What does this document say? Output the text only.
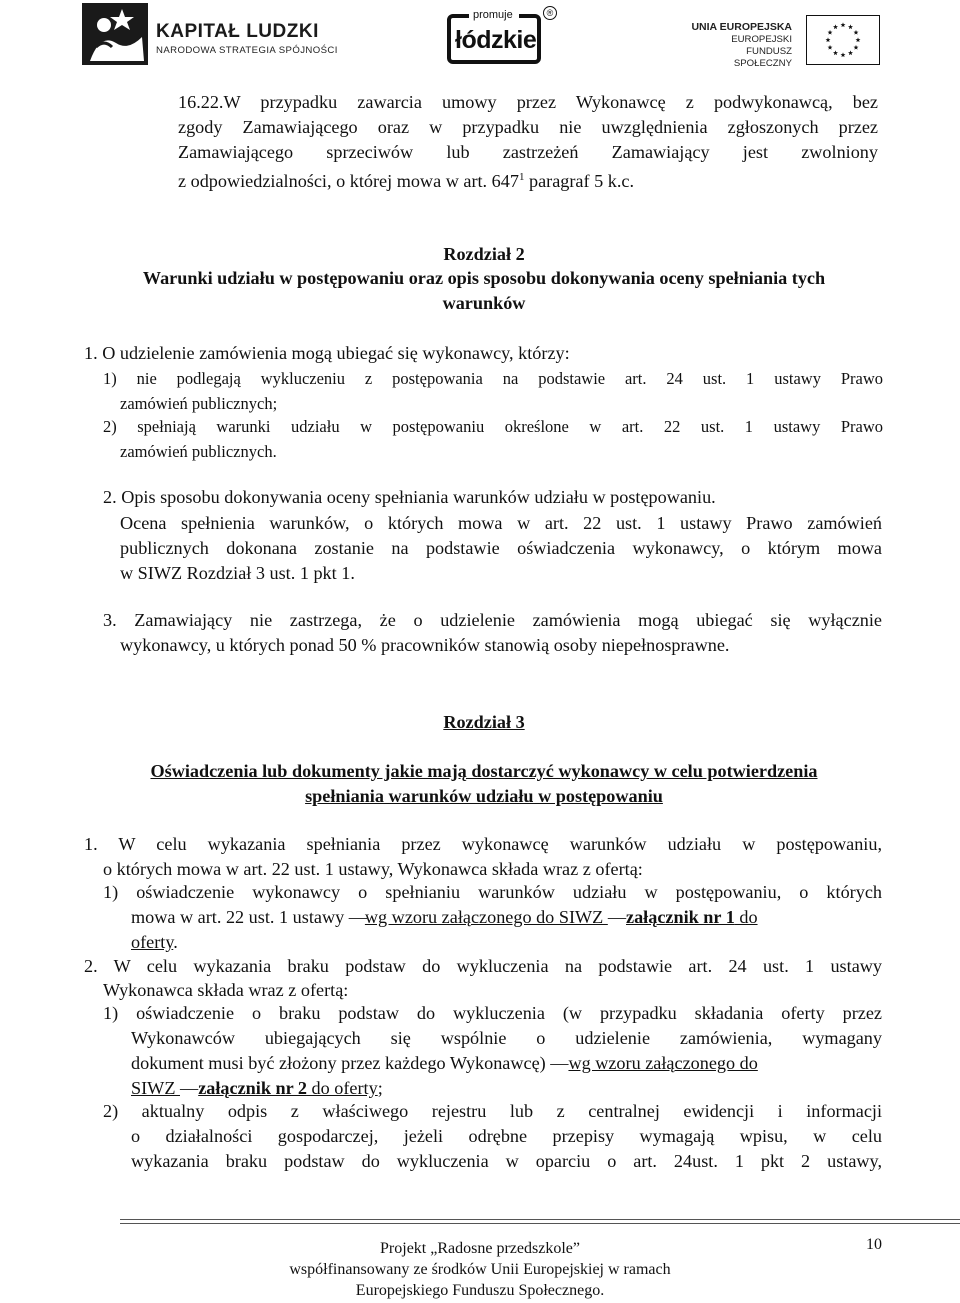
KAPITAŁ LUDZKI
NARODOWA STRATEGIA SPÓJNOŚCI
promuje
łódzkie
®
UNIA EUROPEJSKA
EUROPEJSKI
FUNDUSZ SPOŁECZNY
16.22.W przypadku zawarcia umowy przez Wykonawcę z podwykonawcą, bez
zgody Zamawiającego oraz w przypadku nie uwzględnienia zgłoszonych przez
Zamawiającego sprzeciwów lub zastrzeżeń Zamawiający jest zwolniony
z odpowiedzialności, o której mowa w art. $647^1$ paragraf 5 k.c.
Rozdział 2
Warunki udziału w postępowaniu oraz opis sposobu dokonywania oceny spełniania tych
warunków
1. O udzielenie zamówienia mogą ubiegać się wykonawcy, którzy:
1) nie podlegają wykluczeniu z postępowania na podstawie art. 24 ust. 1 ustawy Prawo
zamówień publicznych;
2) spełniają warunki udziału w postępowaniu określone w art. 22 ust. 1 ustawy Prawo
zamówień publicznych.
2. Opis sposobu dokonywania oceny spełniania warunków udziału w postępowaniu.
Ocena spełnienia warunków, o których mowa w art. 22 ust. 1 ustawy Prawo zamówień
publicznych dokonana zostanie na podstawie oświadczenia wykonawcy, o którym mowa
w SIWZ Rozdział 3 ust. 1 pkt 1.
3. Zamawiający nie zastrzega, że o udzielenie zamówienia mogą ubiegać się wyłącznie
wykonawcy, u których ponad 50 % pracowników stanowią osoby niepełnosprawne.
Rozdział 3
Oświadczenia lub dokumenty jakie mają dostarczyć wykonawcy w celu potwierdzenia
spełniania warunków udziału w postępowaniu
1. W celu wykazania spełniania przez wykonawcę warunków udziału w postępowaniu,
o których mowa w art. 22 ust. 1 ustawy, Wykonawca składa wraz z ofertą:
1) oświadczenie wykonawcy o spełnianiu warunków udziału w postępowaniu, o których
mowa w art. 22 ust. 1 ustawy —wg wzoru załączonego do SIWZ —załącznik nr 1 do
oferty.
2. W celu wykazania braku podstaw do wykluczenia na podstawie art. 24 ust. 1 ustawy
Wykonawca składa wraz z ofertą:
1) oświadczenie o braku podstaw do wykluczenia (w przypadku składania oferty przez
Wykonawców ubiegających się wspólnie o udzielenie zamówienia, wymagany
dokument musi być złożony przez każdego Wykonawcę) —wg wzoru załączonego do
SIWZ —załącznik nr 2 do oferty;
2) aktualny odpis z właściwego rejestru lub z centralnej ewidencji i informacji
o działalności gospodarczej, jeżeli odrębne przepisy wymagają wpisu, w celu
wykazania braku podstaw do wykluczenia w oparciu o art. 24ust. 1 pkt 2 ustawy,
Projekt „Radosne przedszkole”
współfinansowany ze środków Unii Europejskiej w ramach
Europejskiego Funduszu Społecznego.
10
